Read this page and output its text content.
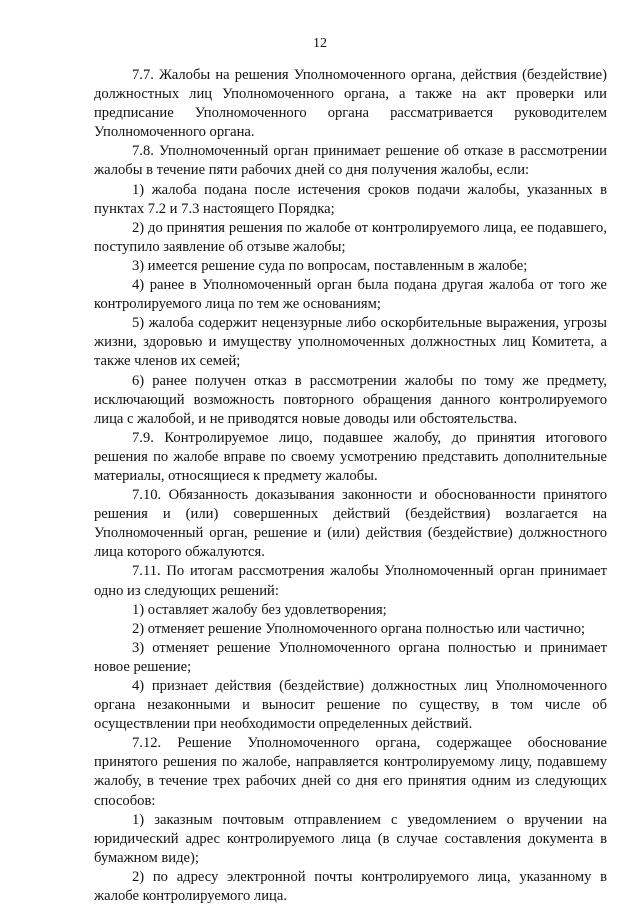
12

7.7. Жалобы на решения Уполномоченного органа, действия (бездействие) должностных лиц Уполномоченного органа, а также на акт проверки или предписание Уполномоченного органа рассматривается руководителем Уполномоченного органа.

7.8. Уполномоченный орган принимает решение об отказе в рассмотрении жалобы в течение пяти рабочих дней со дня получения жалобы, если:

1) жалоба подана после истечения сроков подачи жалобы, указанных в пунктах 7.2 и 7.3 настоящего Порядка;

2) до принятия решения по жалобе от контролируемого лица, ее подавшего, поступило заявление об отзыве жалобы;

3) имеется решение суда по вопросам, поставленным в жалобе;

4) ранее в Уполномоченный орган была подана другая жалоба от того же контролируемого лица по тем же основаниям;

5) жалоба содержит нецензурные либо оскорбительные выражения, угрозы жизни, здоровью и имуществу уполномоченных должностных лиц Комитета, а также членов их семей;

6) ранее получен отказ в рассмотрении жалобы по тому же предмету, исключающий возможность повторного обращения данного контролируемого лица с жалобой, и не приводятся новые доводы или обстоятельства.

7.9. Контролируемое лицо, подавшее жалобу, до принятия итогового решения по жалобе вправе по своему усмотрению представить дополнительные материалы, относящиеся к предмету жалобы.

7.10. Обязанность доказывания законности и обоснованности принятого решения и (или) совершенных действий (бездействия) возлагается на Уполномоченный орган, решение и (или) действия (бездействие) должностного лица которого обжалуются.

7.11. По итогам рассмотрения жалобы Уполномоченный орган принимает одно из следующих решений:

1) оставляет жалобу без удовлетворения;

2) отменяет решение Уполномоченного органа полностью или частично;

3) отменяет решение Уполномоченного органа полностью и принимает новое решение;

4) признает действия (бездействие) должностных лиц Уполномоченного органа незаконными и выносит решение по существу, в том числе об осуществлении при необходимости определенных действий.

7.12. Решение Уполномоченного органа, содержащее обоснование принятого решения по жалобе, направляется контролируемому лицу, подавшему жалобу, в течение трех рабочих дней со дня его принятия одним из следующих способов:

1) заказным почтовым отправлением с уведомлением о вручении на юридический адрес контролируемого лица (в случае составления документа в бумажном виде);

2) по адресу электронной почты контролируемого лица, указанному в жалобе контролируемого лица.
